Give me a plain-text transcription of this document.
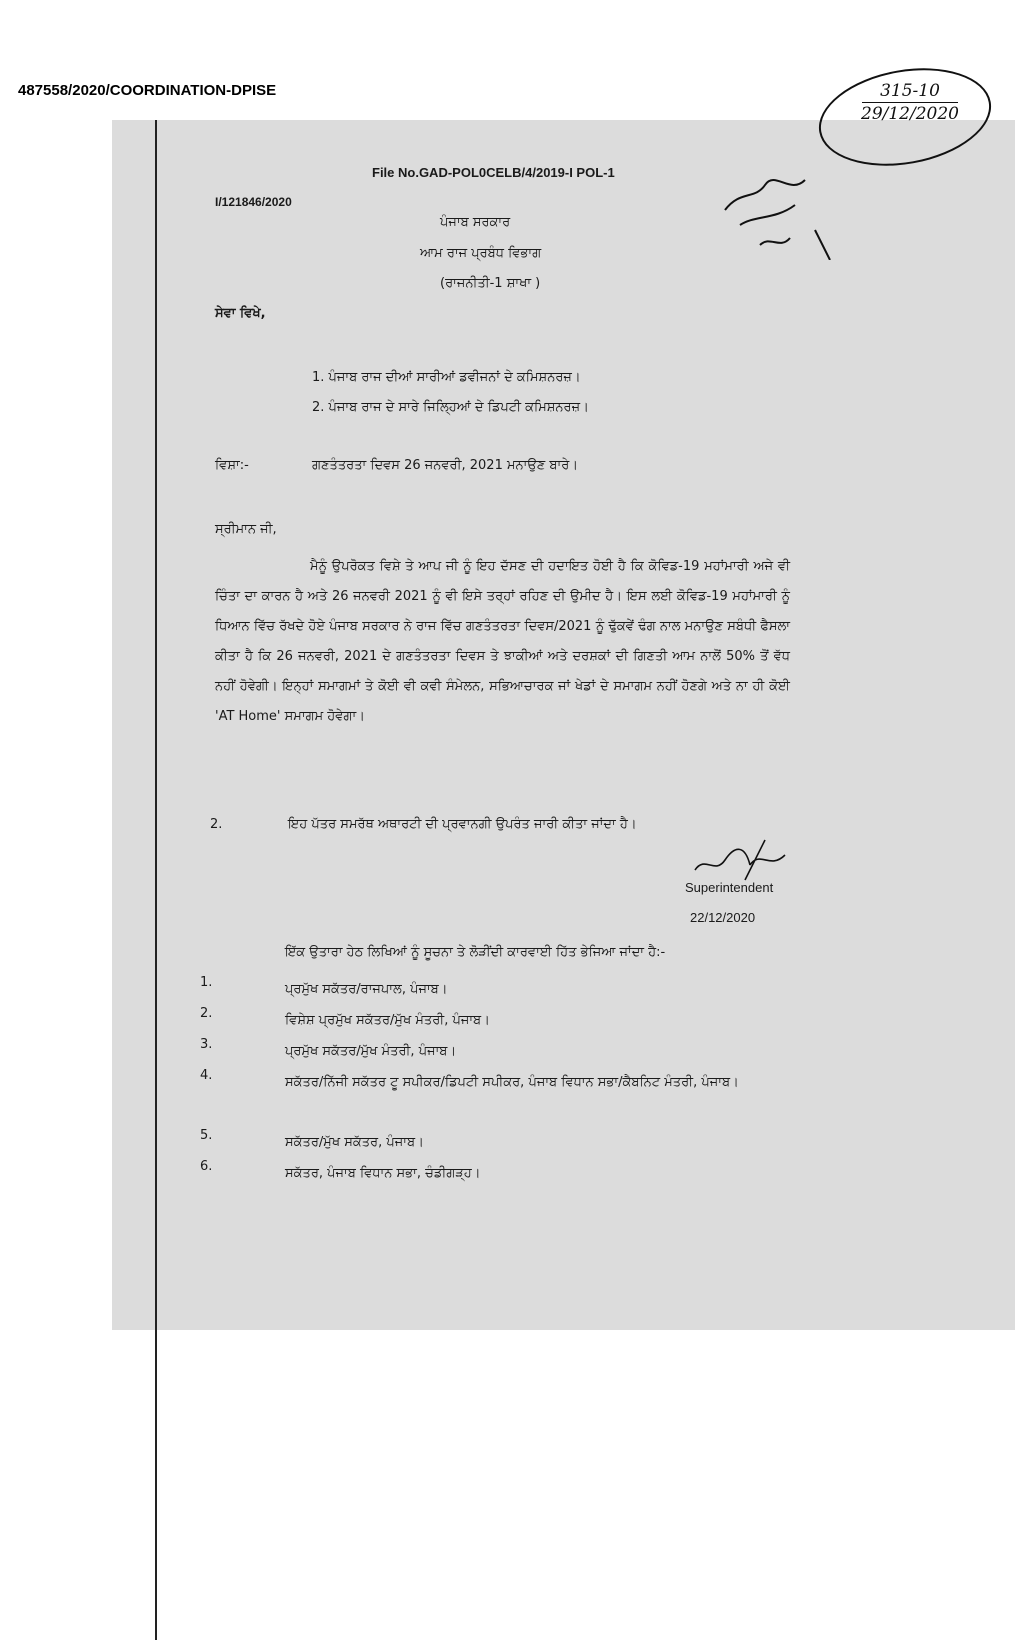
487558/2020/COORDINATION-DPISE	315-10
29/12/2020
File No.GAD-POL0CELB/4/2019-I POL-1
I/121846/2020
ਪੰਜਾਬ ਸਰਕਾਰ
ਆਮ ਰਾਜ ਪ੍ਰਬੰਧ ਵਿਭਾਗ
(ਰਾਜਨੀਤੀ-1 ਸ਼ਾਖਾ )
ਸੇਵਾ ਵਿਖੇ,
1. ਪੰਜਾਬ ਰਾਜ ਦੀਆਂ ਸਾਰੀਆਂ ਡਵੀਜਨਾਂ ਦੇ ਕਮਿਸ਼ਨਰਜ਼।
2. ਪੰਜਾਬ ਰਾਜ ਦੇ ਸਾਰੇ ਜਿਲ੍ਹਿਆਂ ਦੇ ਡਿਪਟੀ ਕਮਿਸ਼ਨਰਜ਼।
ਵਿਸ਼ਾ:-	ਗਣਤੰਤਰਤਾ ਦਿਵਸ 26 ਜਨਵਰੀ, 2021 ਮਨਾਉਣ ਬਾਰੇ।
ਸ੍ਰੀਮਾਨ ਜੀ,
ਮੈਨੂੰ ਉਪਰੋਕਤ ਵਿਸ਼ੇ ਤੇ ਆਪ ਜੀ ਨੂੰ ਇਹ ਦੱਸਣ ਦੀ ਹਦਾਇਤ ਹੋਈ ਹੈ ਕਿ ਕੋਵਿਡ-19 ਮਹਾਂਮਾਰੀ ਅਜੇ ਵੀ ਚਿੰਤਾ ਦਾ ਕਾਰਨ ਹੈ ਅਤੇ 26 ਜਨਵਰੀ 2021 ਨੂੰ ਵੀ ਇਸੇ ਤਰ੍ਹਾਂ ਰਹਿਣ ਦੀ ਉਮੀਦ ਹੈ। ਇਸ ਲਈ ਕੋਵਿਡ-19 ਮਹਾਂਮਾਰੀ ਨੂੰ ਧਿਆਨ ਵਿੱਚ ਰੱਖਦੇ ਹੋਏ ਪੰਜਾਬ ਸਰਕਾਰ ਨੇ ਰਾਜ ਵਿੱਚ ਗਣਤੰਤਰਤਾ ਦਿਵਸ/2021 ਨੂੰ ਢੁੱਕਵੇਂ ਢੰਗ ਨਾਲ ਮਨਾਉਣ ਸਬੰਧੀ ਫੈਸਲਾ ਕੀਤਾ ਹੈ ਕਿ 26 ਜਨਵਰੀ, 2021 ਦੇ ਗਣਤੰਤਰਤਾ ਦਿਵਸ ਤੇ ਝਾਕੀਆਂ ਅਤੇ ਦਰਸ਼ਕਾਂ ਦੀ ਗਿਣਤੀ ਆਮ ਨਾਲੋਂ 50% ਤੋਂ ਵੱਧ ਨਹੀਂ ਹੋਵੇਗੀ। ਇਨ੍ਹਾਂ ਸਮਾਗਮਾਂ ਤੇ ਕੋਈ ਵੀ ਕਵੀ ਸੰਮੇਲਨ, ਸਭਿਆਚਾਰਕ ਜਾਂ ਖੇਡਾਂ ਦੇ ਸਮਾਗਮ ਨਹੀਂ ਹੋਣਗੇ ਅਤੇ ਨਾ ਹੀ ਕੋਈ 'AT Home' ਸਮਾਗਮ ਹੋਵੇਗਾ।
2.	ਇਹ ਪੱਤਰ ਸਮਰੱਥ ਅਥਾਰਟੀ ਦੀ ਪ੍ਰਵਾਨਗੀ ਉਪਰੰਤ ਜਾਰੀ ਕੀਤਾ ਜਾਂਦਾ ਹੈ।
Superintendent
22/12/2020
ਇੱਕ ਉਤਾਰਾ ਹੇਠ ਲਿਖਿਆਂ ਨੂੰ ਸੂਚਨਾ ਤੇ ਲੋੜੀਂਦੀ ਕਾਰਵਾਈ ਹਿੱਤ ਭੇਜਿਆ ਜਾਂਦਾ ਹੈ:-
1.	ਪ੍ਰਮੁੱਖ ਸਕੱਤਰ/ਰਾਜਪਾਲ, ਪੰਜਾਬ।
2.	ਵਿਸ਼ੇਸ਼ ਪ੍ਰਮੁੱਖ ਸਕੱਤਰ/ਮੁੱਖ ਮੰਤਰੀ, ਪੰਜਾਬ।
3.	ਪ੍ਰਮੁੱਖ ਸਕੱਤਰ/ਮੁੱਖ ਮੰਤਰੀ, ਪੰਜਾਬ।
4.	ਸਕੱਤਰ/ਨਿੱਜੀ ਸਕੱਤਰ ਟੂ ਸਪੀਕਰ/ਡਿਪਟੀ ਸਪੀਕਰ, ਪੰਜਾਬ ਵਿਧਾਨ ਸਭਾ/ਕੈਬਨਿਟ ਮੰਤਰੀ, ਪੰਜਾਬ।
5.	ਸਕੱਤਰ/ਮੁੱਖ ਸਕੱਤਰ, ਪੰਜਾਬ।
6.	ਸਕੱਤਰ, ਪੰਜਾਬ ਵਿਧਾਨ ਸਭਾ, ਚੰਡੀਗੜ੍ਹ।
